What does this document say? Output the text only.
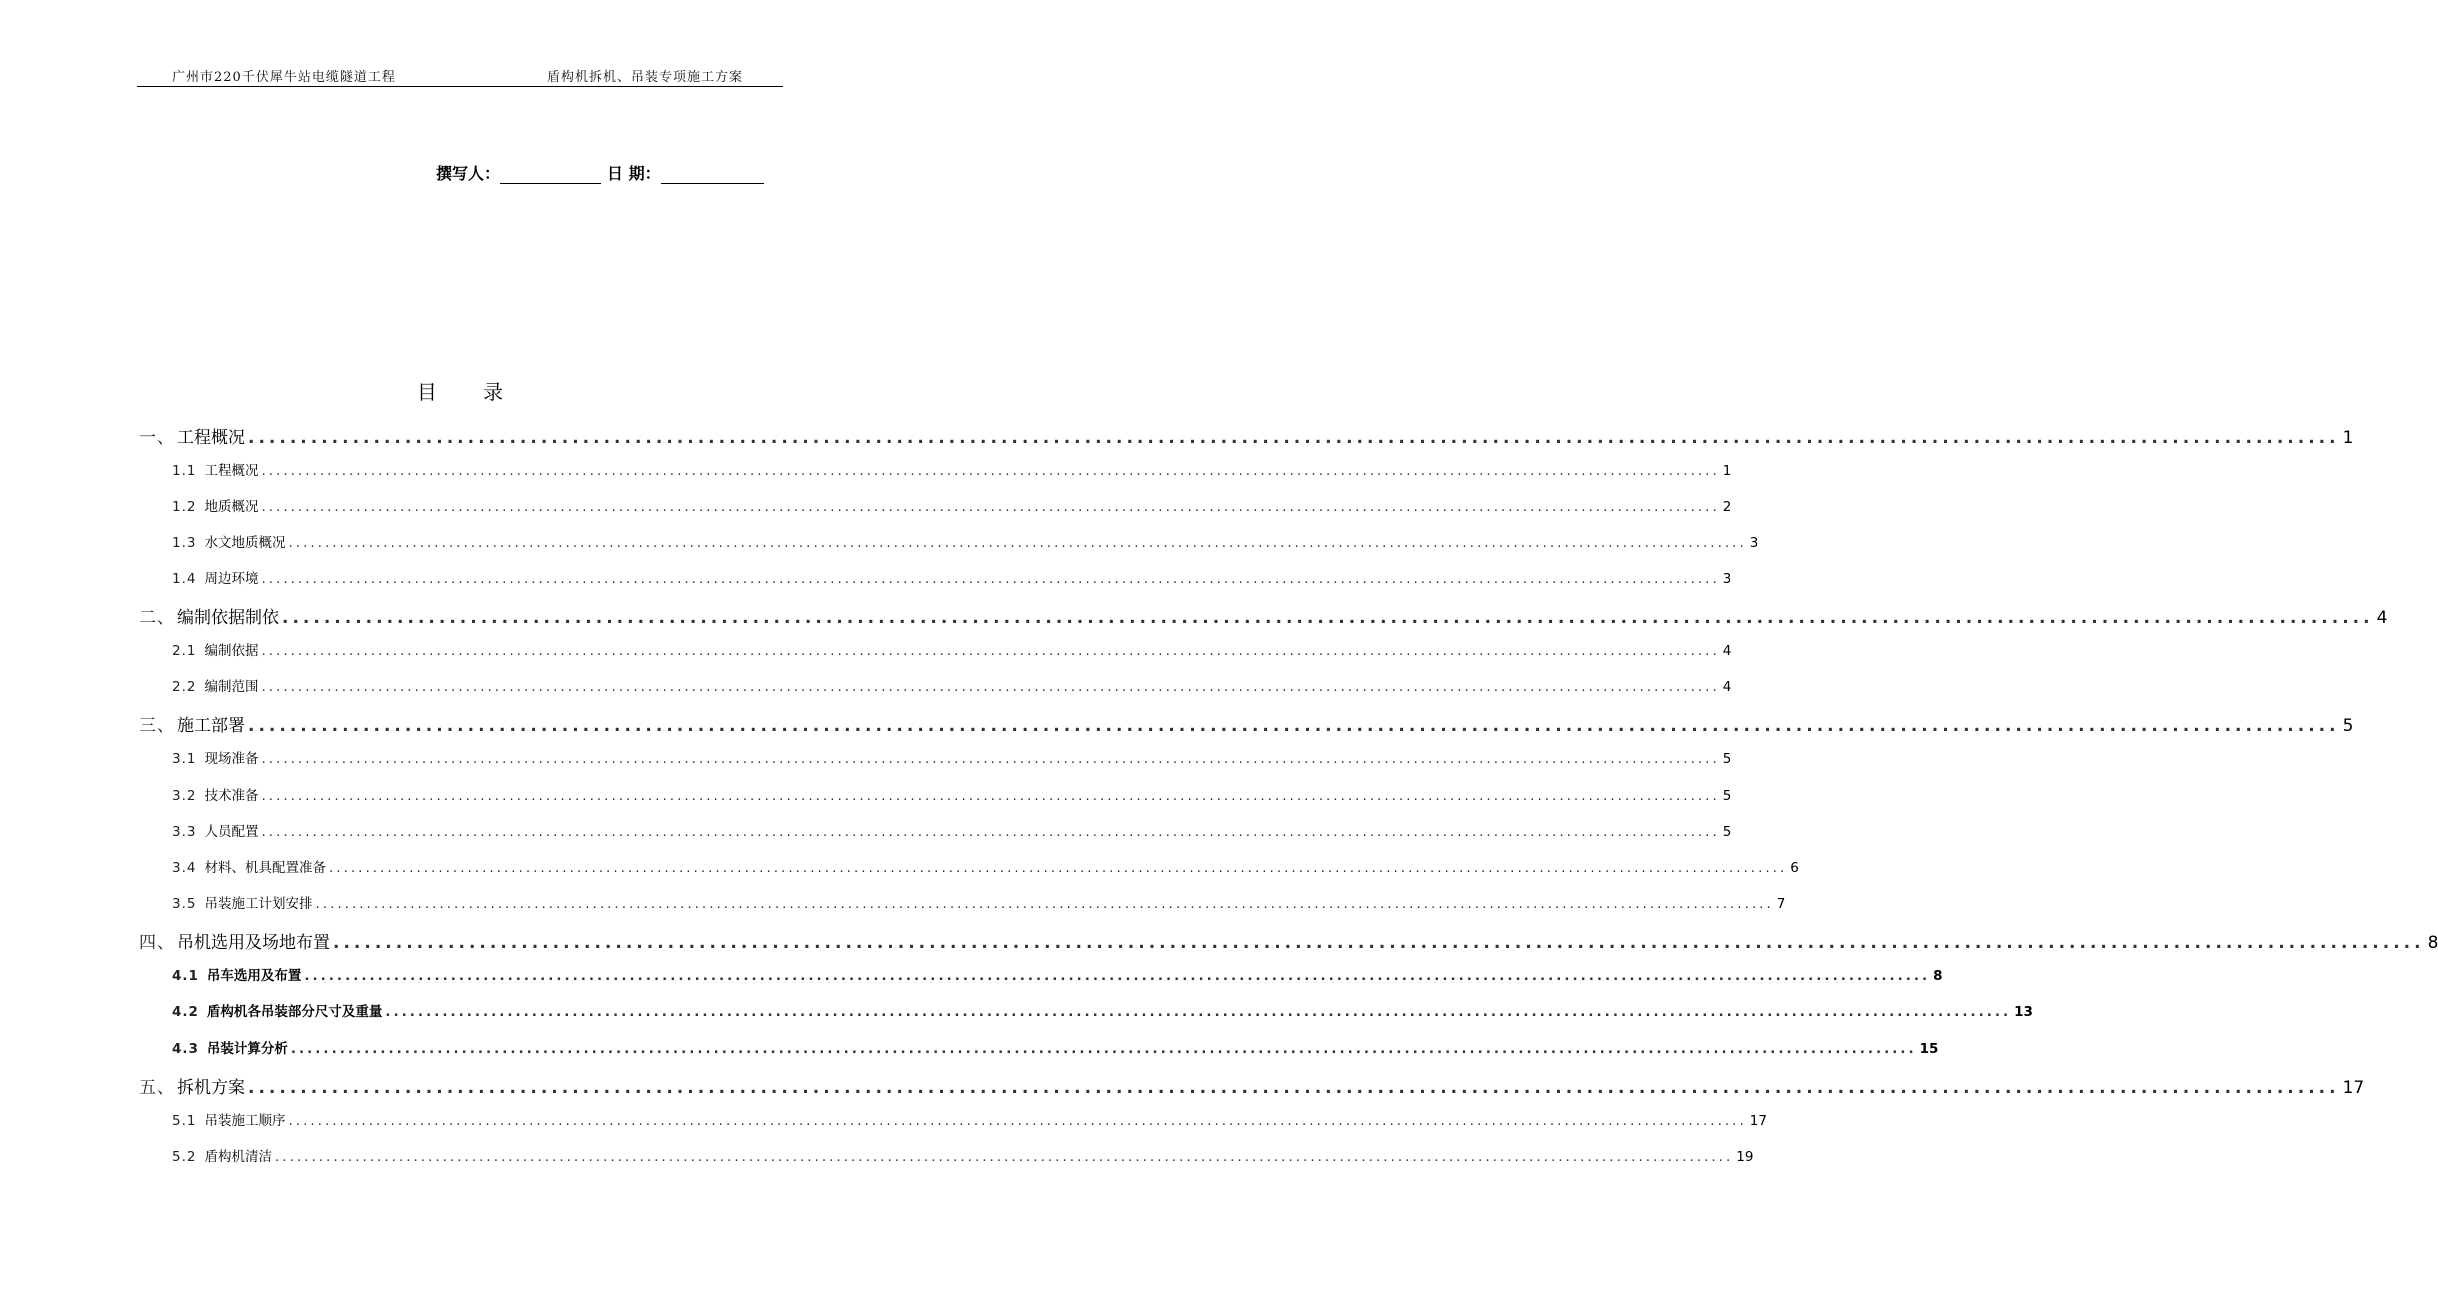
广州市220千伏犀牛站电缆隧道工程	盾构机拆机、吊装专项施工方案
撰写人：	日 期：
目 录
一、 工程概况 ........................................................................................................................................................................................................ 1
1.1 工程概况 ........................................................................................................................................................................................................ 1
1.2 地质概况 ........................................................................................................................................................................................................ 2
1.3 水文地质概况 ........................................................................................................................................................................................................ 3
1.4 周边环境 ........................................................................................................................................................................................................ 3
二、 编制依据制依 ........................................................................................................................................................................................................ 4
2.1 编制依据 ........................................................................................................................................................................................................ 4
2.2 编制范围 ........................................................................................................................................................................................................ 4
三、 施工部署 ........................................................................................................................................................................................................ 5
3.1 现场准备 ........................................................................................................................................................................................................ 5
3.2 技术准备 ........................................................................................................................................................................................................ 5
3.3 人员配置 ........................................................................................................................................................................................................ 5
3.4 材料、机具配置准备 ........................................................................................................................................................................................................ 6
3.5 吊装施工计划安排 ........................................................................................................................................................................................................ 7
四、 吊机选用及场地布置 ........................................................................................................................................................................................................ 8
4.1 吊车选用及布置 ........................................................................................................................................................................................................ 8
4.2 盾构机各吊装部分尺寸及重量 ........................................................................................................................................................................................................ 13
4.3 吊装计算分析 ........................................................................................................................................................................................................ 15
五、 拆机方案 ........................................................................................................................................................................................................ 17
5.1 吊装施工顺序 ........................................................................................................................................................................................................ 17
5.2 盾构机清洁 ........................................................................................................................................................................................................ 19
